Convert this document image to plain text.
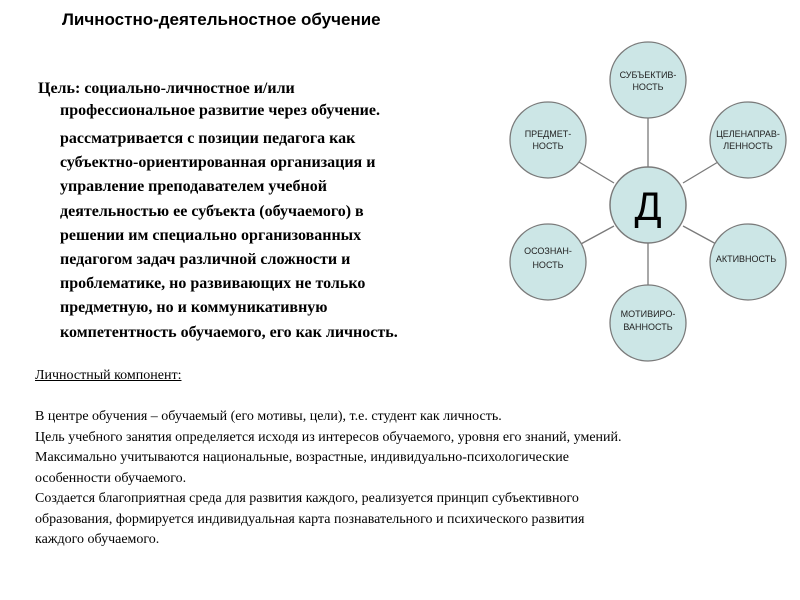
Личностно-деятельностное обучение
Цель: социально-личностное и/или
профессиональное развитие через обучение.
рассматривается с позиции педагога как
субъектно-ориентированная организация и
управление преподавателем учебной
деятельностью ее субъекта (обучаемого) в
решении им специально организованных
педагогом задач различной сложности и
проблематике, но развивающих не только
предметную, но и коммуникативную
компетентность обучаемого, его как личность.
СУБЪЕКТИВ-
НОСТЬ
ПРЕДМЕТ-
НОСТЬ
ЦЕЛЕНАПРАВ-
ЛЕННОСТЬ
Д
ОСОЗНАН-
НОСТЬ
АКТИВНОСТЬ
МОТИВИРО-
ВАННОСТЬ
Личностный компонент:
В центре обучения – обучаемый (его мотивы, цели), т.е. студент как личность.
Цель учебного занятия определяется исходя из интересов обучаемого, уровня его знаний, умений.
Максимально учитываются национальные, возрастные, индивидуально-психологические
особенности обучаемого.
Создается благоприятная среда для развития каждого, реализуется принцип субъективного
образования, формируется индивидуальная карта познавательного и психического развития
каждого обучаемого.
